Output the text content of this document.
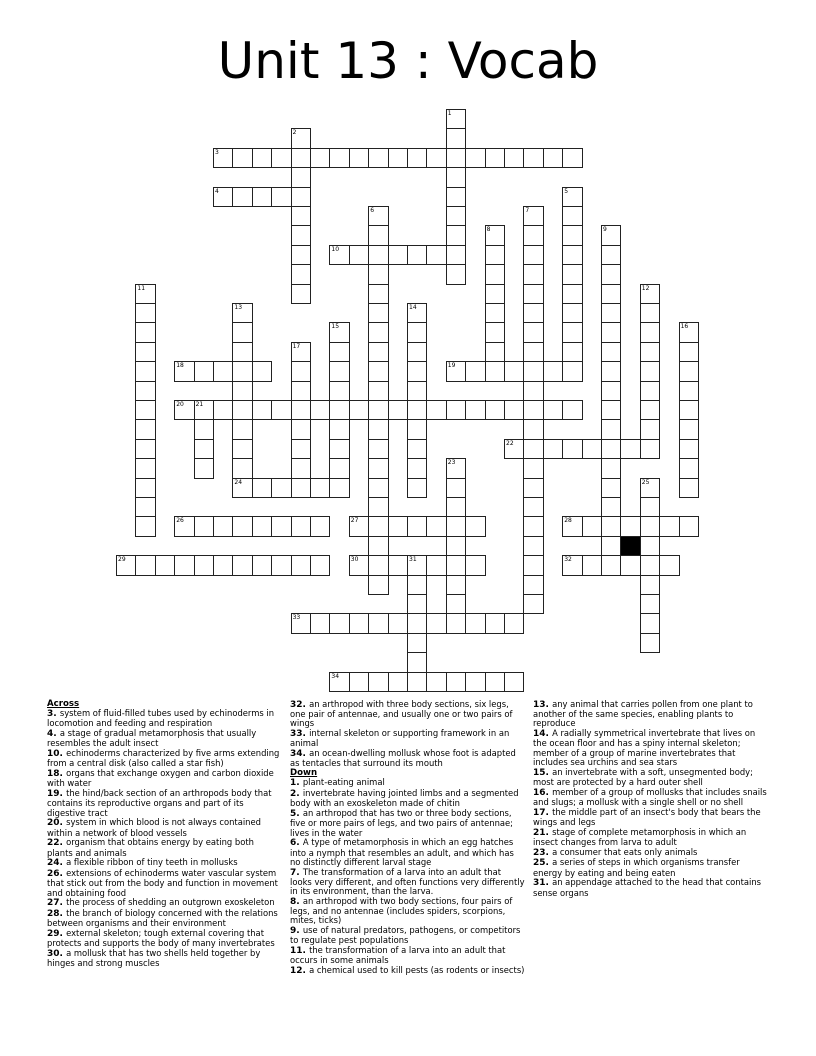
Unit 13 : Vocab
3
4
10
18	19
20 21
22
24
26	27	28
29	30	31	32
33
34
1
2
5
6	7
8	9
11	12
13	14
15	16
17
23
25
Across
3. system of fluid-filled tubes used by echinoderms in locomotion and feeding and respiration
4. a stage of gradual metamorphosis that usually resembles the adult insect
10. echinoderms characterized by five arms extending from a central disk (also called a star fish)
18. organs that exchange oxygen and carbon dioxide with water
19. the hind/back section of an arthropods body that contains its reproductive organs and part of its digestive tract
20. system in which blood is not always contained within a network of blood vessels
22. organism that obtains energy by eating both plants and animals
24. a flexible ribbon of tiny teeth in mollusks
26. extensions of echinoderms water vascular system that stick out from the body and function in movement and obtaining food
27. the process of shedding an outgrown exoskeleton
28. the branch of biology concerned with the relations between organisms and their environment
29. external skeleton; tough external covering that protects and supports the body of many invertebrates
30. a mollusk that has two shells held together by hinges and strong muscles
32. an arthropod with three body sections, six legs, one pair of antennae, and usually one or two pairs of wings
33. internal skeleton or supporting framework in an animal
34. an ocean-dwelling mollusk whose foot is adapted as tentacles that surround its mouth
Down
1. plant-eating animal
2. invertebrate having jointed limbs and a segmented body with an exoskeleton made of chitin
5. an arthropod that has two or three body sections, five or more pairs of legs, and two pairs of antennae; lives in the water
6. A type of metamorphosis in which an egg hatches into a nymph that resembles an adult, and which has no distinctly different larval stage
7. The transformation of a larva into an adult that looks very different, and often functions very differently in its environment, than the larva.
8. an arthropod with two body sections, four pairs of legs, and no antennae (includes spiders, scorpions, mites, ticks)
9. use of natural predators, pathogens, or competitors to regulate pest populations
11. the transformation of a larva into an adult that occurs in some animals
12. a chemical used to kill pests (as rodents or insects)
13. any animal that carries pollen from one plant to another of the same species, enabling plants to reproduce
14. A radially symmetrical invertebrate that lives on the ocean floor and has a spiny internal skeleton; member of a group of marine invertebrates that includes sea urchins and sea stars
15. an invertebrate with a soft, unsegmented body; most are protected by a hard outer shell
16. member of a group of mollusks that includes snails and slugs; a mollusk with a single shell or no shell
17. the middle part of an insect's body that bears the wings and legs
21. stage of complete metamorphosis in which an insect changes from larva to adult
23. a consumer that eats only animals
25. a series of steps in which organisms transfer energy by eating and being eaten
31. an appendage attached to the head that contains sense organs
